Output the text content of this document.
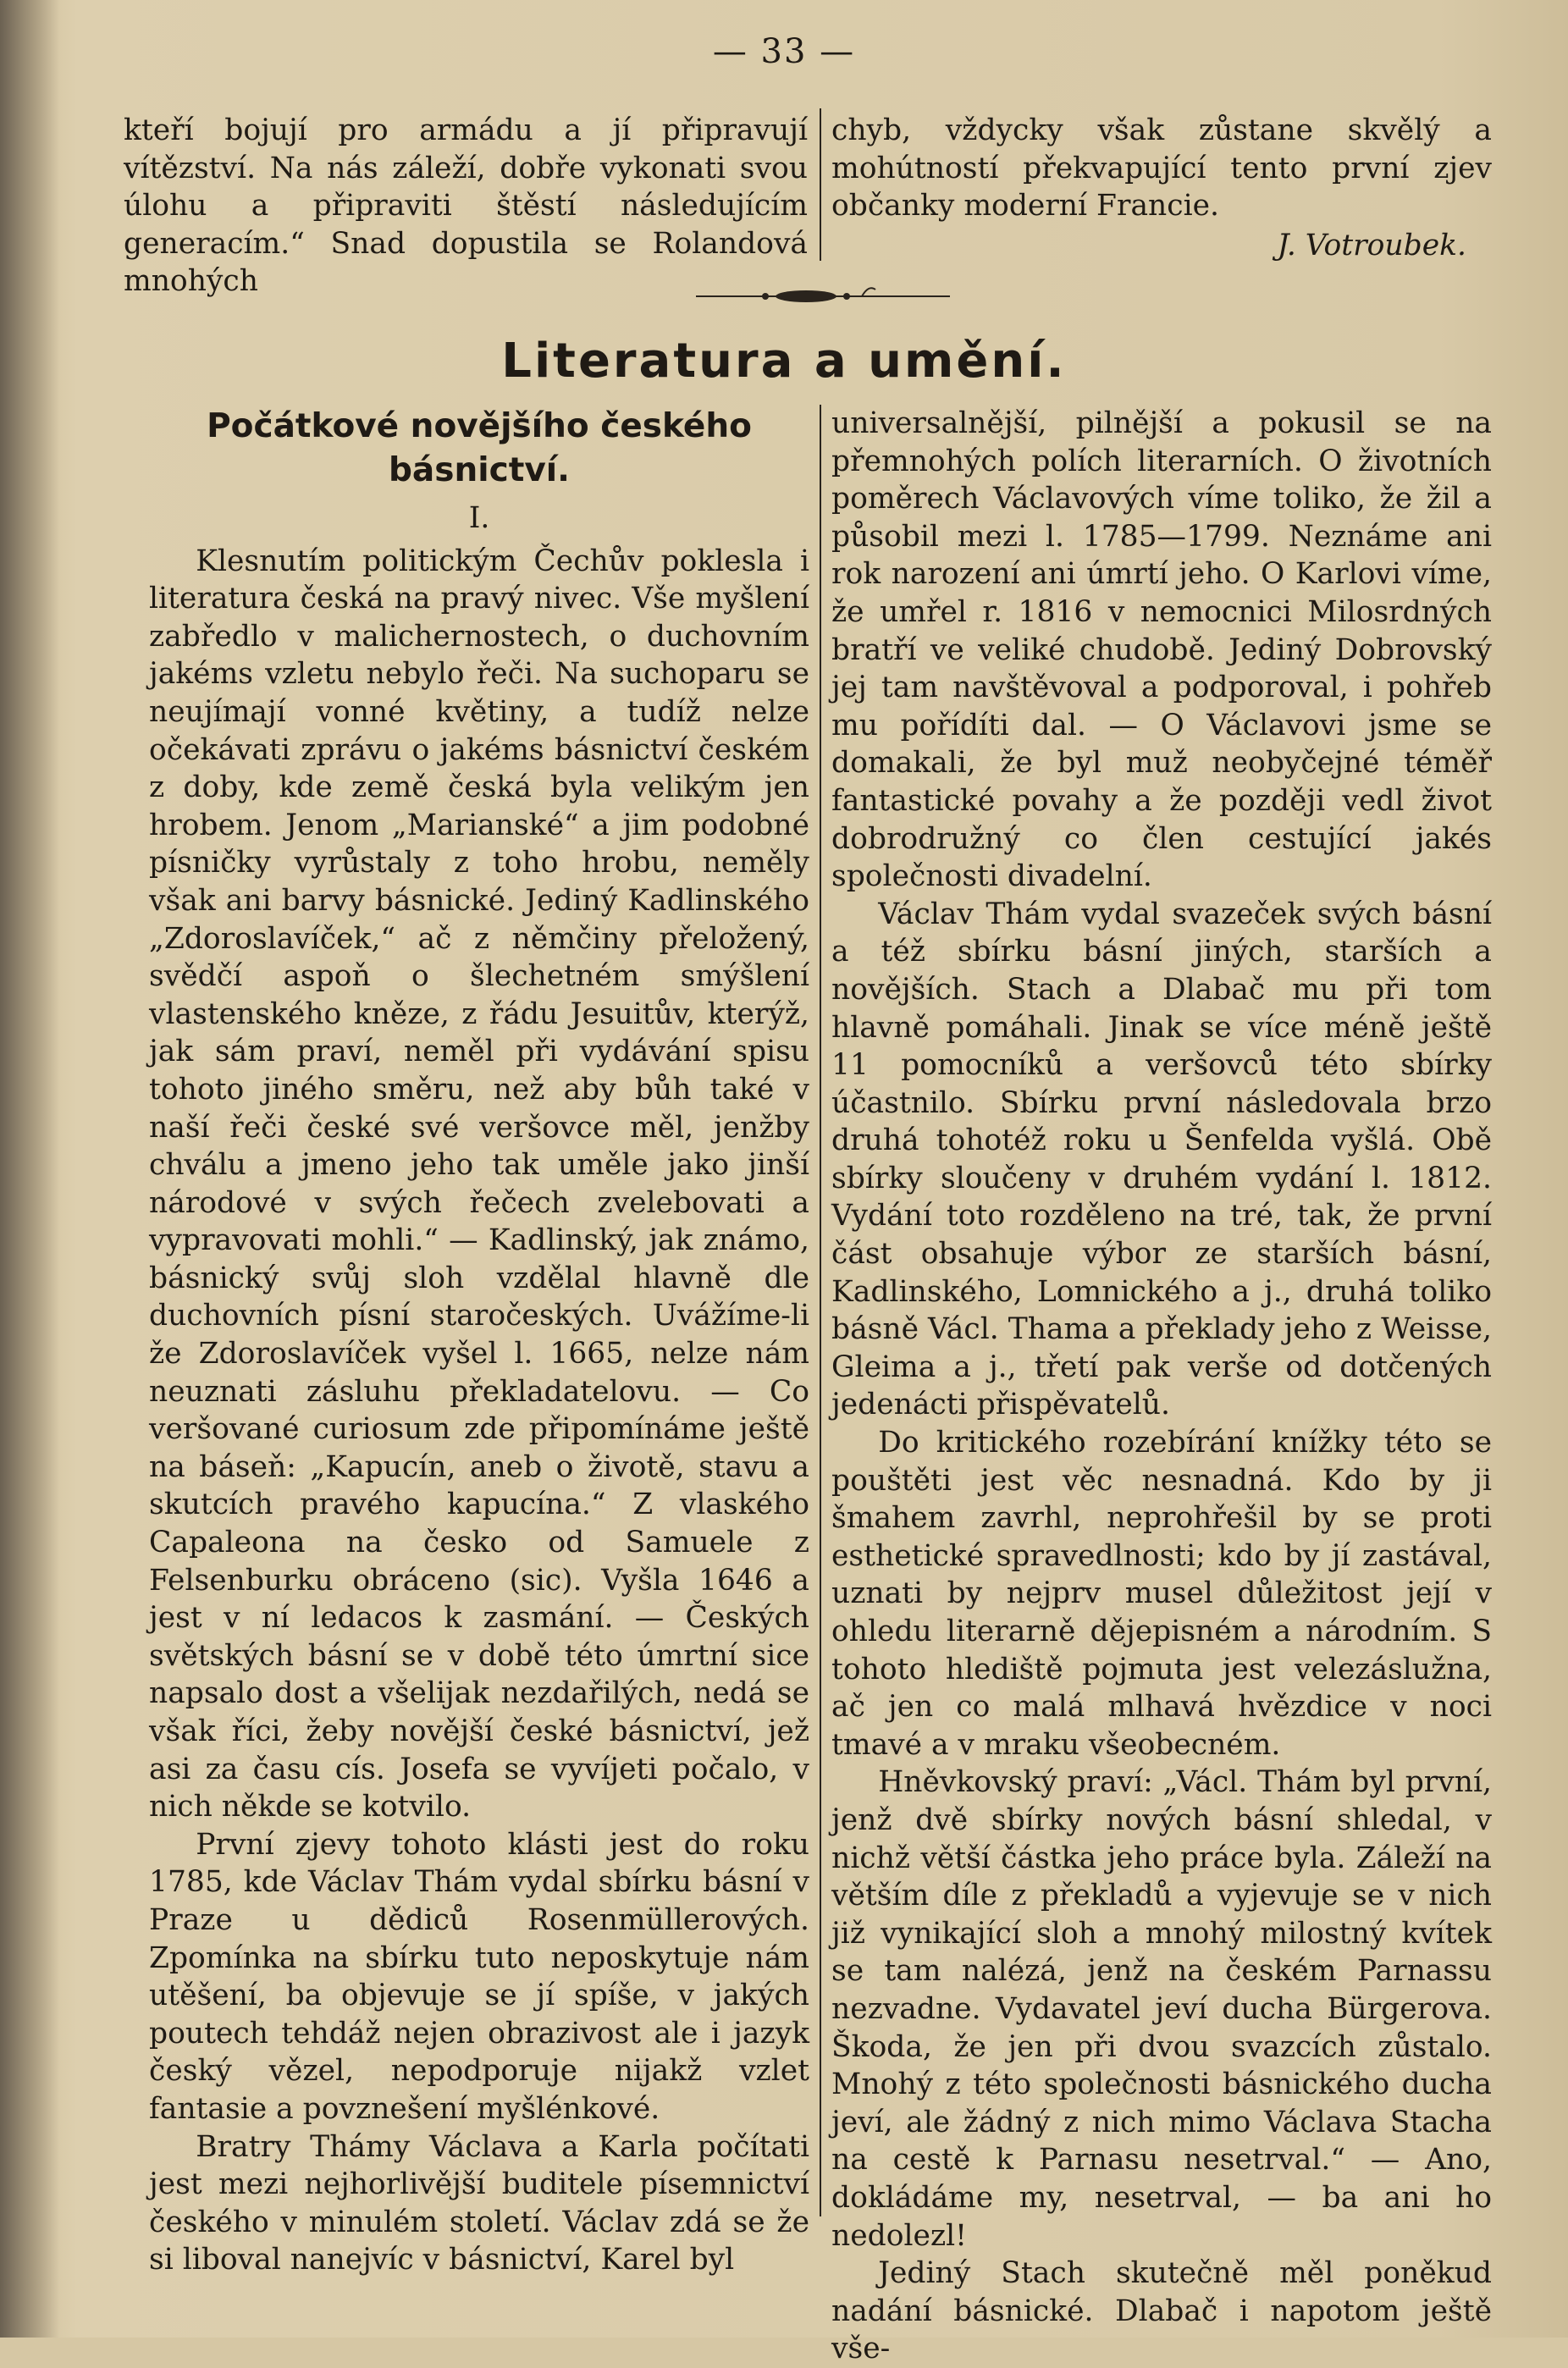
— 33 —

kteří bojují pro armádu a jí připravují vítězství. Na nás záleží, dobře vykonati svou úlohu a připraviti štěstí následujícím generacím.“ Snad dopustila se Rolandová mnohých

chyb, vždycky však zůstane skvělý a mohútností překvapující tento první zjev občanky moderní Francie.

J. Votroubek.

Literatura a umění.
Počátkové novějšího českého básnictví.
I.

Klesnutím politickým Čechův poklesla i literatura česká na pravý nivec. Vše myšlení zabředlo v malichernostech, o duchovním jakéms vzletu nebylo řeči. Na suchoparu se neujímají vonné květiny, a tudíž nelze očekávati zprávu o jakéms básnictví českém z doby, kde země česká byla velikým jen hrobem. Jenom „Marianské“ a jim podobné písničky vyrůstaly z toho hrobu, neměly však ani barvy básnické. Jediný Kadlinského „Zdoroslavíček,“ ač z němčiny přeložený, svědčí aspoň o šlechetném smýšlení vlastenského kněze, z řádu Jesuitův, kterýž, jak sám praví, neměl při vydávání spisu tohoto jiného směru, než aby bůh také v naší řeči české své veršovce měl, jenžby chválu a jmeno jeho tak uměle jako jinší národové v svých řečech zvelebovati a vypravovati mohli.“ — Kadlinský, jak známo, básnický svůj sloh vzdělal hlavně dle duchovních písní staročeských. Uvážíme-li že Zdoroslavíček vyšel l. 1665, nelze nám neuznati zásluhu překladatelovu. — Co veršované curiosum zde připomínáme ještě na báseň: „Kapucín, aneb o životě, stavu a skutcích pravého kapucína.“ Z vlaského Capaleona na česko od Samuele z Felsenburku obráceno (sic). Vyšla 1646 a jest v ní ledacos k zasmání. — Českých světských básní se v době této úmrtní sice napsalo dost a všelijak nezdařilých, nedá se však říci, žeby novější české básnictví, jež asi za času cís. Josefa se vyvíjeti počalo, v nich někde se kotvilo.

První zjevy tohoto klásti jest do roku 1785, kde Václav Thám vydal sbírku básní v Praze u dědiců Rosenmüllerových. Zpomínka na sbírku tuto neposkytuje nám utěšení, ba objevuje se jí spíše, v jakých poutech tehdáž nejen obrazivost ale i jazyk český vězel, nepodporuje nijakž vzlet fantasie a povznešení myšlénkové.

Bratry Thámy Václava a Karla počítati jest mezi nejhorlivější buditele písemnictví českého v minulém století. Václav zdá se že si liboval nanejvíc v básnictví, Karel byl

universalnější, pilnější a pokusil se na přemnohých polích literarních. O životních poměrech Václavových víme toliko, že žil a působil mezi l. 1785—1799. Neznáme ani rok narození ani úmrtí jeho. O Karlovi víme, že umřel r. 1816 v nemocnici Milosrdných bratří ve veliké chudobě. Jediný Dobrovský jej tam navštěvoval a podporoval, i pohřeb mu pořídíti dal. — O Václavovi jsme se domakali, že byl muž neobyčejné téměř fantastické povahy a že později vedl život dobrodružný co člen cestující jakés společnosti divadelní.

Václav Thám vydal svazeček svých básní a též sbírku básní jiných, starších a novějších. Stach a Dlabač mu při tom hlavně pomáhali. Jinak se více méně ještě 11 pomocníků a veršovců této sbírky účastnilo. Sbírku první následovala brzo druhá tohotéž roku u Šenfelda vyšlá. Obě sbírky sloučeny v druhém vydání l. 1812. Vydání toto rozděleno na tré, tak, že první část obsahuje výbor ze starších básní, Kadlinského, Lomnického a j., druhá toliko básně Václ. Thama a překlady jeho z Weisse, Gleima a j., třetí pak verše od dotčených jedenácti přispěvatelů.

Do kritického rozebírání knížky této se pouštěti jest věc nesnadná. Kdo by ji šmahem zavrhl, neprohřešil by se proti esthetické spravedlnosti; kdo by jí zastával, uznati by nejprv musel důležitost její v ohledu literarně dějepisném a národním. S tohoto hlediště pojmuta jest velezáslužna, ač jen co malá mlhavá hvězdice v noci tmavé a v mraku všeobecném.

Hněvkovský praví: „Václ. Thám byl první, jenž dvě sbírky nových básní shledal, v nichž větší částka jeho práce byla. Záleží na větším díle z překladů a vyjevuje se v nich již vynikající sloh a mnohý milostný kvítek se tam nalézá, jenž na českém Parnassu nezvadne. Vydavatel jeví ducha Bürgerova. Škoda, že jen při dvou svazcích zůstalo. Mnohý z této společnosti básnického ducha jeví, ale žádný z nich mimo Václava Stacha na cestě k Parnasu nesetrval.“ — Ano, dokládáme my, nesetrval, — ba ani ho nedolezl!

Jediný Stach skutečně měl poněkud nadání básnické. Dlabač i napotom ještě vše-
